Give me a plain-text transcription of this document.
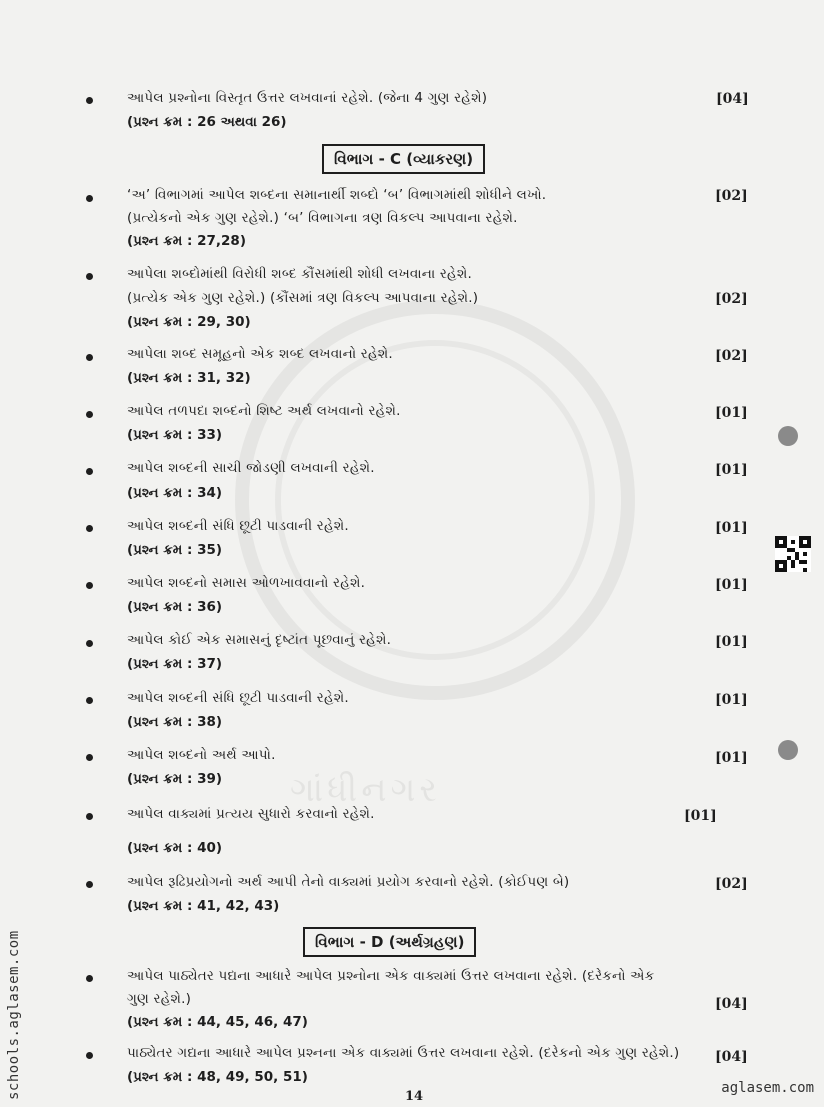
ગાંધીનગર
આપેલ પ્રશ્નોના વિસ્તૃત ઉત્તર લખવાનાં રહેશે. (જેના 4 ગુણ રહેશે)
(પ્રશ્ન ક્રમ : 26 અથવા 26)
[04]
વિભાગ - C (વ્યાકરણ)
‘અ’ વિભાગમાં આપેલ શબ્દના સમાનાર્થી શબ્દો ‘બ’ વિભાગમાંથી શોધીને લખો.
(પ્રત્યેકનો એક ગુણ રહેશે.) ‘બ’ વિભાગના ત્રણ વિકલ્પ આપવાના રહેશે.
(પ્રશ્ન ક્રમ : 27,28)
[02]
આપેલા શબ્દોમાંથી વિરોધી શબ્દ કૌંસમાંથી શોધી લખવાના રહેશે.
(પ્રત્યેક એક ગુણ રહેશે.) (કૌંસમાં ત્રણ વિકલ્પ આપવાના રહેશે.)
(પ્રશ્ન ક્રમ : 29, 30)
[02]
આપેલા શબ્દ સમૂહનો એક શબ્દ લખવાનો રહેશે.
(પ્રશ્ન ક્રમ : 31, 32)
[02]
આપેલ તળપદા શબ્દનો શિષ્ટ અર્થ લખવાનો રહેશે.
(પ્રશ્ન ક્રમ : 33)
[01]
આપેલ શબ્દની સાચી જોડણી લખવાની રહેશે.
(પ્રશ્ન ક્રમ : 34)
[01]
આપેલ શબ્દની સંધિ છૂટી પાડવાની રહેશે.
(પ્રશ્ન ક્રમ : 35)
[01]
આપેલ શબ્દનો સમાસ ઓળખાવવાનો રહેશે.
(પ્રશ્ન ક્રમ : 36)
[01]
આપેલ કોઈ એક સમાસનું દૃષ્ટાંત પૂછવાનું રહેશે.
(પ્રશ્ન ક્રમ : 37)
[01]
આપેલ શબ્દની સંધિ છૂટી પાડવાની રહેશે.
(પ્રશ્ન ક્રમ : 38)
[01]
આપેલ શબ્દનો અર્થ આપો.
(પ્રશ્ન ક્રમ : 39)
[01]
આપેલ વાક્યમાં પ્રત્યય સુધારો કરવાનો રહેશે.
(પ્રશ્ન ક્રમ : 40)
[01]
આપેલ રૂઢિપ્રયોગનો અર્થ આપી તેનો વાક્યમાં પ્રયોગ કરવાનો રહેશે. (કોઈપણ બે)
(પ્રશ્ન ક્રમ : 41, 42, 43)
[02]
વિભાગ - D (અર્થગ્રહણ)
આપેલ પાઠ્યેતર પદ્યના આધારે આપેલ પ્રશ્નોના એક વાક્યમાં ઉત્તર લખવાના રહેશે. (દરેકનો એક
ગુણ રહેશે.)
(પ્રશ્ન ક્રમ : 44, 45, 46, 47)
[04]
પાઠ્યેતર ગદ્યના આધારે આપેલ પ્રશ્નના એક વાક્યમાં ઉત્તર લખવાના રહેશે. (દરેકનો એક ગુણ રહેશે.)
(પ્રશ્ન ક્રમ : 48, 49, 50, 51)
[04]
schools.aglasem.com	aglasem.com
14
